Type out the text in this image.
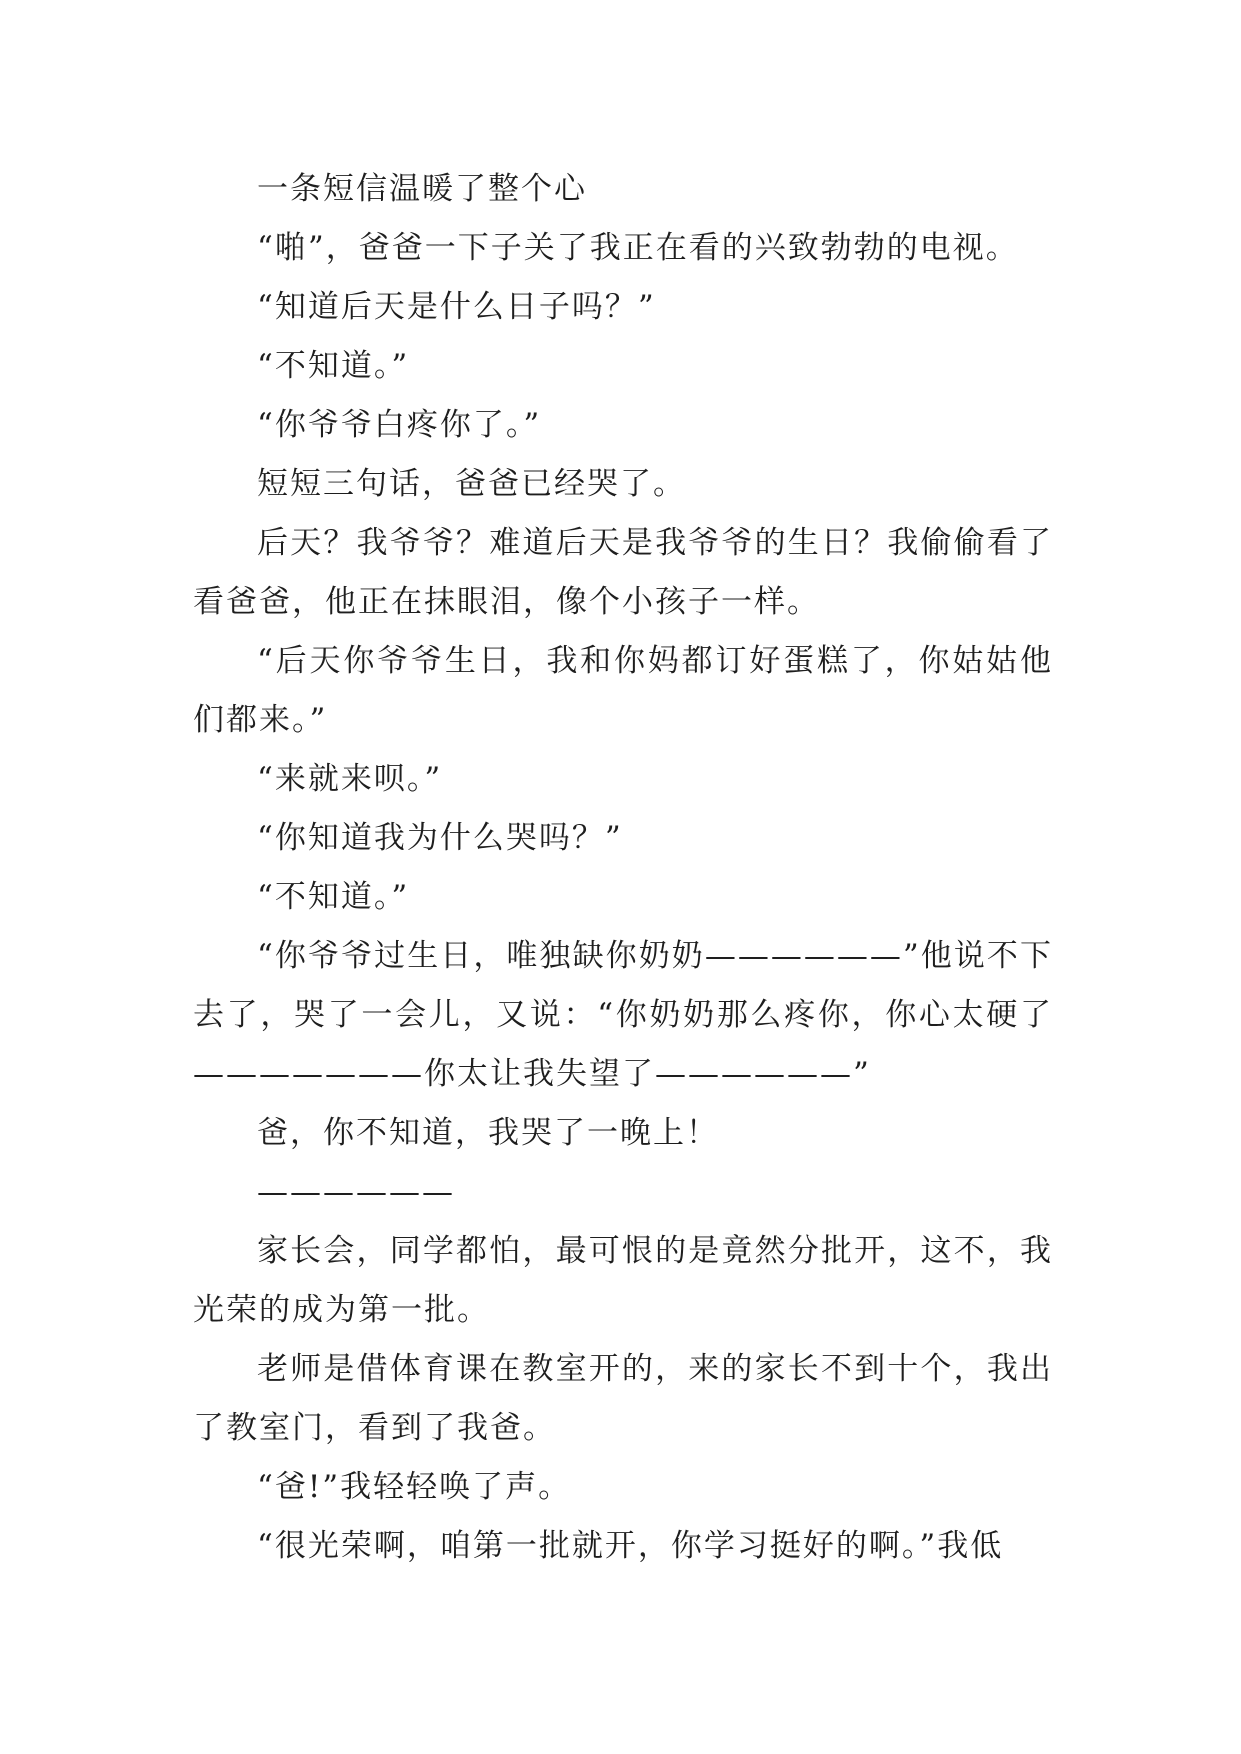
一条短信温暖了整个心

“啪”，爸爸一下子关了我正在看的兴致勃勃的电视。

“知道后天是什么日子吗？”

“不知道。”

“你爷爷白疼你了。”

短短三句话，爸爸已经哭了。

后天？我爷爷？难道后天是我爷爷的生日？我偷偷看了看爸爸，他正在抹眼泪，像个小孩子一样。

“后天你爷爷生日，我和你妈都订好蛋糕了，你姑姑他们都来。”

“来就来呗。”

“你知道我为什么哭吗？”

“不知道。”

“你爷爷过生日，唯独缺你奶奶——————”他说不下去了，哭了一会儿，又说：“你奶奶那么疼你，你心太硬了———————你太让我失望了——————”

爸，你不知道，我哭了一晚上！

——————

家长会，同学都怕，最可恨的是竟然分批开，这不，我光荣的成为第一批。

老师是借体育课在教室开的，来的家长不到十个，我出了教室门，看到了我爸。

“爸!”我轻轻唤了声。

“很光荣啊，咱第一批就开，你学习挺好的啊。”我低
